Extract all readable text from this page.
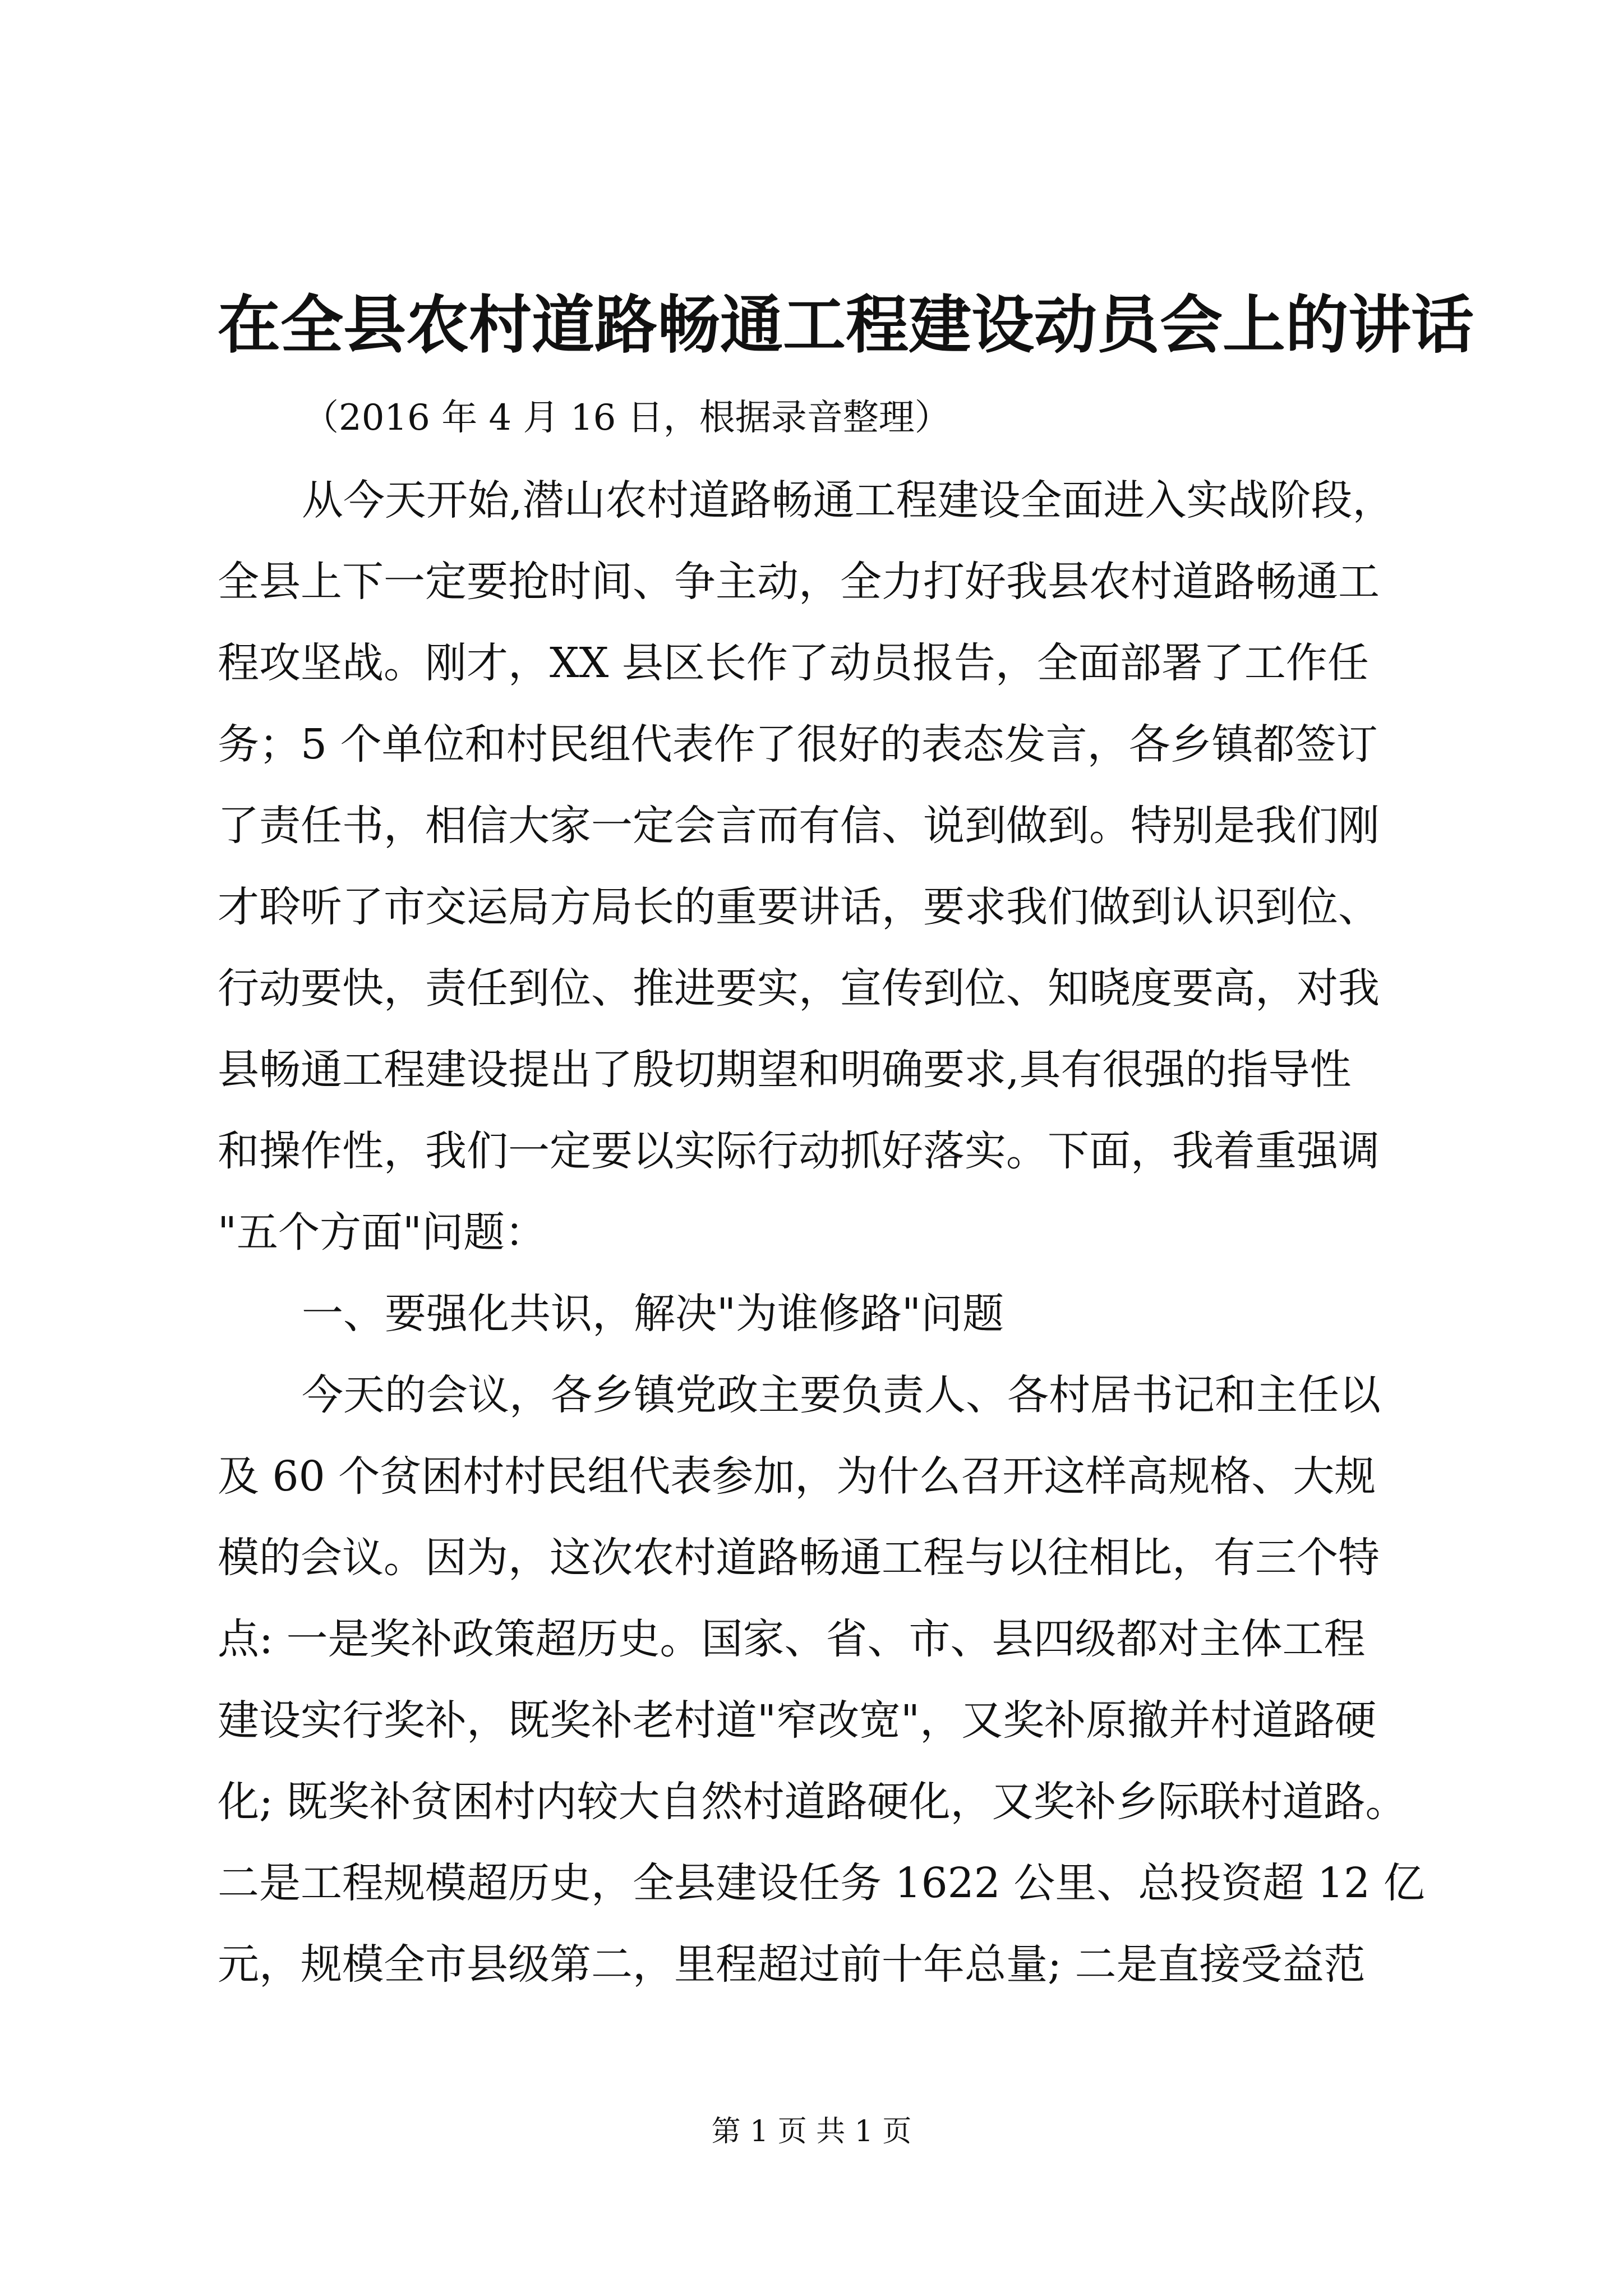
在全县农村道路畅通工程建设动员会上的讲话
（2016 年 4 月 16 日，根据录音整理）
从今天开始,潜山农村道路畅通工程建设全面进入实战阶段，
全县上下一定要抢时间、争主动，全力打好我县农村道路畅通工
程攻坚战。刚才，XX 县区长作了动员报告，全面部署了工作任
务；5 个单位和村民组代表作了很好的表态发言，各乡镇都签订
了责任书，相信大家一定会言而有信、说到做到。特别是我们刚
才聆听了市交运局方局长的重要讲话，要求我们做到认识到位、
行动要快，责任到位、推进要实，宣传到位、知晓度要高，对我
县畅通工程建设提出了殷切期望和明确要求,具有很强的指导性
和操作性，我们一定要以实际行动抓好落实。下面，我着重强调
"五个方面"问题：
一、要强化共识，解决"为谁修路"问题
今天的会议，各乡镇党政主要负责人、各村居书记和主任以
及 60 个贫困村村民组代表参加，为什么召开这样高规格、大规
模的会议。因为，这次农村道路畅通工程与以往相比，有三个特
点: 一是奖补政策超历史。国家、省、市、县四级都对主体工程
建设实行奖补，既奖补老村道"窄改宽"，又奖补原撤并村道路硬
化; 既奖补贫困村内较大自然村道路硬化，又奖补乡际联村道路。
二是工程规模超历史，全县建设任务 1622 公里、总投资超 12 亿
元，规模全市县级第二，里程超过前十年总量; 二是直接受益范
第 1 页 共 1 页
